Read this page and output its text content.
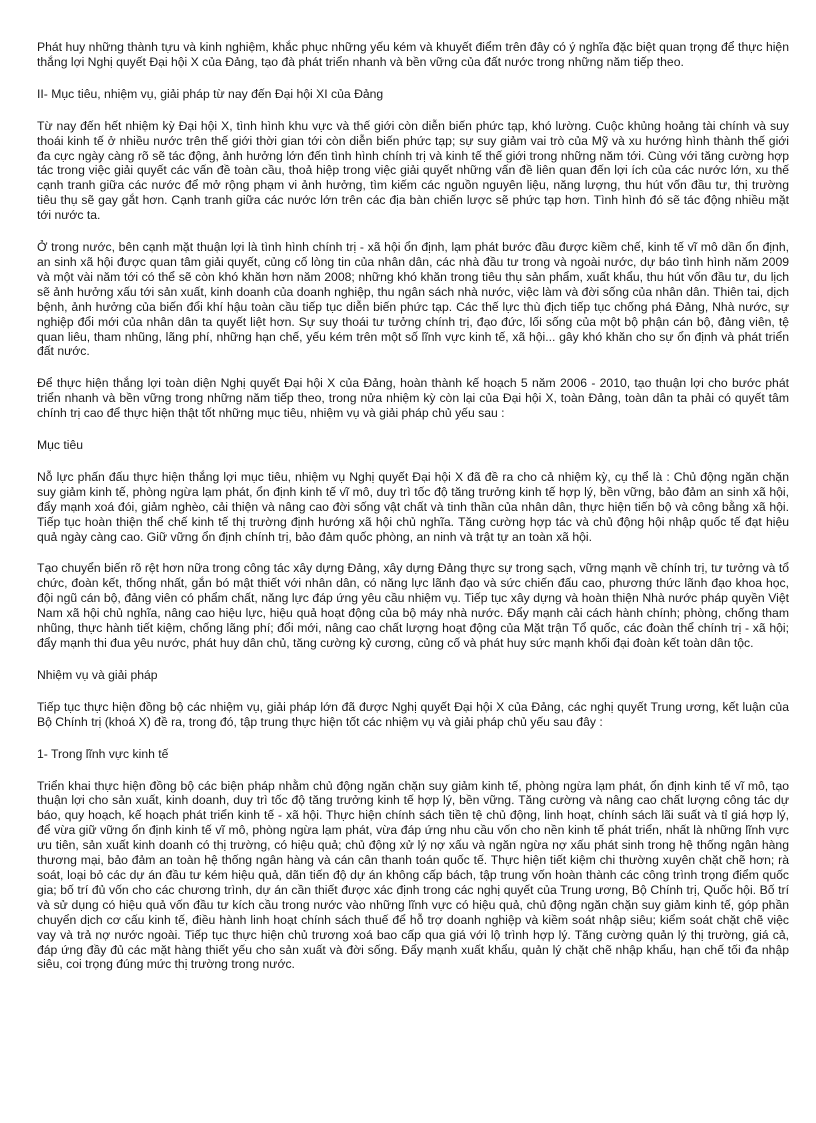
Phát huy những thành tựu và kinh nghiệm, khắc phục những yếu kém và khuyết điểm trên đây có ý nghĩa đặc biệt quan trọng để thực hiện thắng lợi Nghị quyết Đại hội X của Đảng, tạo đà phát triển nhanh và bền vững của đất nước trong những năm tiếp theo.

II- Mục tiêu, nhiệm vụ, giải pháp từ nay đến Đại hội XI của Đảng

Từ nay đến hết nhiệm kỳ Đại hội X, tình hình khu vực và thế giới còn diễn biến phức tạp, khó lường. Cuộc khủng hoảng tài chính và suy thoái kinh tế ở nhiều nước trên thế giới thời gian tới còn diễn biến phức tạp; sự suy giảm vai trò của Mỹ và xu hướng hình thành thế giới đa cực ngày càng rõ sẽ tác động, ảnh hưởng lớn đến tình hình chính trị và kinh tế thế giới trong những năm tới. Cùng với tăng cường hợp tác trong việc giải quyết các vấn đề toàn cầu, thoả hiệp trong việc giải quyết những vấn đề liên quan đến lợi ích của các nước lớn, xu thế cạnh tranh giữa các nước để mở rộng phạm vi ảnh hưởng, tìm kiếm các nguồn nguyên liệu, năng lượng, thu hút vốn đầu tư, thị trường tiêu thụ sẽ gay gắt hơn. Cạnh tranh giữa các nước lớn trên các địa bàn chiến lược sẽ phức tạp hơn. Tình hình đó sẽ tác động nhiều mặt tới nước ta.

Ở trong nước, bên cạnh mặt thuận lợi là tình hình chính trị - xã hội ổn định, lạm phát bước đầu được kiềm chế, kinh tế vĩ mô dần ổn định, an sinh xã hội được quan tâm giải quyết, củng cố lòng tin của nhân dân, các nhà đầu tư trong và ngoài nước, dự báo tình hình năm 2009 và một vài năm tới có thể sẽ còn khó khăn hơn năm 2008; những khó khăn trong tiêu thụ sản phẩm, xuất khẩu, thu hút vốn đầu tư, du lịch sẽ ảnh hưởng xấu tới sản xuất, kinh doanh của doanh nghiệp, thu ngân sách nhà nước, việc làm và đời sống của nhân dân. Thiên tai, dịch bệnh, ảnh hưởng của biến đổi khí hậu toàn cầu tiếp tục diễn biến phức tạp. Các thế lực thù địch tiếp tục chống phá Đảng, Nhà nước, sự nghiệp đổi mới của nhân dân ta quyết liệt hơn. Sự suy thoái tư tưởng chính trị, đạo đức, lối sống của một bộ phận cán bộ, đảng viên, tệ quan liêu, tham nhũng, lãng phí, những hạn chế, yếu kém trên một số lĩnh vực kinh tế, xã hội... gây khó khăn cho sự ổn định và phát triển đất nước.

Để thực hiện thắng lợi toàn diện Nghị quyết Đại hội X của Đảng, hoàn thành kế hoạch 5 năm 2006 - 2010, tạo thuận lợi cho bước phát triển nhanh và bền vững trong những năm tiếp theo, trong nửa nhiệm kỳ còn lại của Đại hội X, toàn Đảng, toàn dân ta phải có quyết tâm chính trị cao để thực hiện thật tốt những mục tiêu, nhiệm vụ và giải pháp chủ yếu sau :

Mục tiêu

Nỗ lực phấn đấu thực hiện thắng lợi mục tiêu, nhiệm vụ Nghị quyết Đại hội X đã đề ra cho cả nhiệm kỳ, cụ thể là : Chủ động ngăn chặn suy giảm kinh tế, phòng ngừa lạm phát, ổn định kinh tế vĩ mô, duy trì tốc độ tăng trưởng kinh tế hợp lý, bền vững, bảo đảm an sinh xã hội, đẩy mạnh xoá đói, giảm nghèo, cải thiện và nâng cao đời sống vật chất và tinh thần của nhân dân, thực hiện tiến bộ và công bằng xã hội. Tiếp tục hoàn thiện thể chế kinh tế thị trường định hướng xã hội chủ nghĩa. Tăng cường hợp tác và chủ động hội nhập quốc tế đạt hiệu quả ngày càng cao. Giữ vững ổn định chính trị, bảo đảm quốc phòng, an ninh và trật tự an toàn xã hội.

Tạo chuyển biến rõ rệt hơn nữa trong công tác xây dựng Đảng, xây dựng Đảng thực sự trong sạch, vững mạnh về chính trị, tư tưởng và tổ chức, đoàn kết, thống nhất, gắn bó mật thiết với nhân dân, có năng lực lãnh đạo và sức chiến đấu cao, phương thức lãnh đạo khoa học, đội ngũ cán bộ, đảng viên có phẩm chất, năng lực đáp ứng yêu cầu nhiệm vụ. Tiếp tục xây dựng và hoàn thiện Nhà nước pháp quyền Việt Nam xã hội chủ nghĩa, nâng cao hiệu lực, hiệu quả hoạt động của bộ máy nhà nước. Đẩy mạnh cải cách hành chính; phòng, chống tham nhũng, thực hành tiết kiệm, chống lãng phí; đổi mới, nâng cao chất lượng hoạt động của Mặt trận Tổ quốc, các đoàn thể chính trị - xã hội; đẩy mạnh thi đua yêu nước, phát huy dân chủ, tăng cường kỷ cương, củng cố và phát huy sức mạnh khối đại đoàn kết toàn dân tộc.

Nhiệm vụ và giải pháp

Tiếp tục thực hiện đồng bộ các nhiệm vụ, giải pháp lớn đã được Nghị quyết Đại hội X của Đảng, các nghị quyết Trung ương, kết luận của Bộ Chính trị (khoá X) đề ra, trong đó, tập trung thực hiện tốt các nhiệm vụ và giải pháp chủ yếu sau đây :

1- Trong lĩnh vực kinh tế

Triển khai thực hiện đồng bộ các biện pháp nhằm chủ động ngăn chặn suy giảm kinh tế, phòng ngừa lạm phát, ổn định kinh tế vĩ mô, tạo thuận lợi cho sản xuất, kinh doanh, duy trì tốc độ tăng trưởng kinh tế hợp lý, bền vững. Tăng cường và nâng cao chất lượng công tác dự báo, quy hoạch, kế hoạch phát triển kinh tế - xã hội. Thực hiện chính sách tiền tệ chủ động, linh hoạt, chính sách lãi suất và tỉ giá hợp lý, để vừa giữ vững ổn định kinh tế vĩ mô, phòng ngừa lạm phát, vừa đáp ứng nhu cầu vốn cho nền kinh tế phát triển, nhất là những lĩnh vực ưu tiên, sản xuất kinh doanh có thị trường, có hiệu quả; chủ động xử lý nợ xấu và ngăn ngừa nợ xấu phát sinh trong hệ thống ngân hàng thương mại, bảo đảm an toàn hệ thống ngân hàng và cán cân thanh toán quốc tế. Thực hiện tiết kiệm chi thường xuyên chặt chẽ hơn; rà soát, loại bỏ các dự án đầu tư kém hiệu quả, dãn tiến độ dự án không cấp bách, tập trung vốn hoàn thành các công trình trọng điểm quốc gia; bố trí đủ vốn cho các chương trình, dự án cần thiết được xác định trong các nghị quyết của Trung ương, Bộ Chính trị, Quốc hội. Bố trí và sử dụng có hiệu quả vốn đầu tư kích cầu trong nước vào những lĩnh vực có hiệu quả, chủ động ngăn chặn suy giảm kinh tế, góp phần chuyển dịch cơ cấu kinh tế, điều hành linh hoạt chính sách thuế để hỗ trợ doanh nghiệp và kiềm soát nhập siêu; kiểm soát chặt chẽ việc vay và trả nợ nước ngoài. Tiếp tục thực hiện chủ trương xoá bao cấp qua giá với lộ trình hợp lý. Tăng cường quản lý thị trường, giá cả, đáp ứng đầy đủ các mặt hàng thiết yếu cho sản xuất và đời sống. Đẩy mạnh xuất khẩu, quản lý chặt chẽ nhập khẩu, hạn chế tối đa nhập siêu, coi trọng đúng mức thị trường trong nước.
